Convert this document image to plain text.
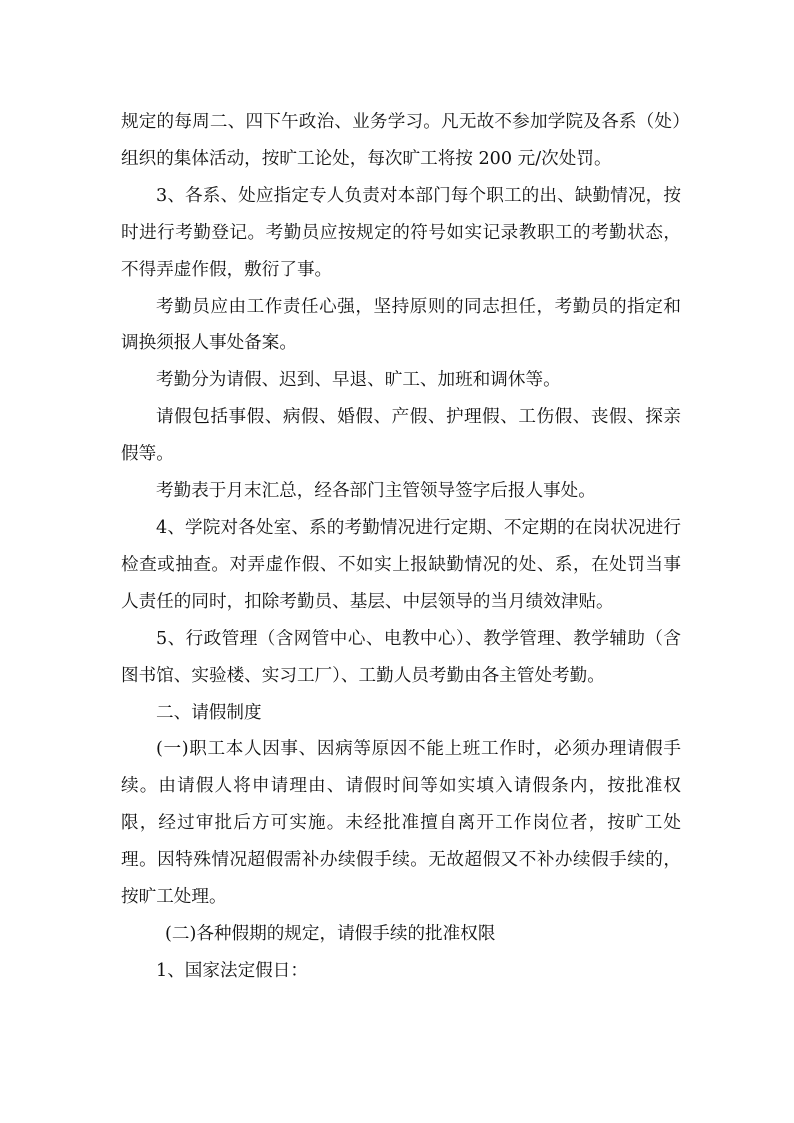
规定的每周二、四下午政治、业务学习。凡无故不参加学院及各系（处）组织的集体活动，按旷工论处，每次旷工将按 200 元/次处罚。

3、各系、处应指定专人负责对本部门每个职工的出、缺勤情况，按时进行考勤登记。考勤员应按规定的符号如实记录教职工的考勤状态，不得弄虚作假，敷衍了事。

考勤员应由工作责任心强，坚持原则的同志担任，考勤员的指定和调换须报人事处备案。

考勤分为请假、迟到、早退、旷工、加班和调休等。

请假包括事假、病假、婚假、产假、护理假、工伤假、丧假、探亲假等。

考勤表于月末汇总，经各部门主管领导签字后报人事处。

4、学院对各处室、系的考勤情况进行定期、不定期的在岗状况进行检查或抽查。对弄虚作假、不如实上报缺勤情况的处、系，在处罚当事人责任的同时，扣除考勤员、基层、中层领导的当月绩效津贴。

5、行政管理（含网管中心、电教中心）、教学管理、教学辅助（含图书馆、实验楼、实习工厂）、工勤人员考勤由各主管处考勤。

二、请假制度

(一)职工本人因事、因病等原因不能上班工作时，必须办理请假手续。由请假人将申请理由、请假时间等如实填入请假条内，按批准权限，经过审批后方可实施。未经批准擅自离开工作岗位者，按旷工处理。因特殊情况超假需补办续假手续。无故超假又不补办续假手续的，按旷工处理。

(二)各种假期的规定，请假手续的批准权限

1、国家法定假日：
